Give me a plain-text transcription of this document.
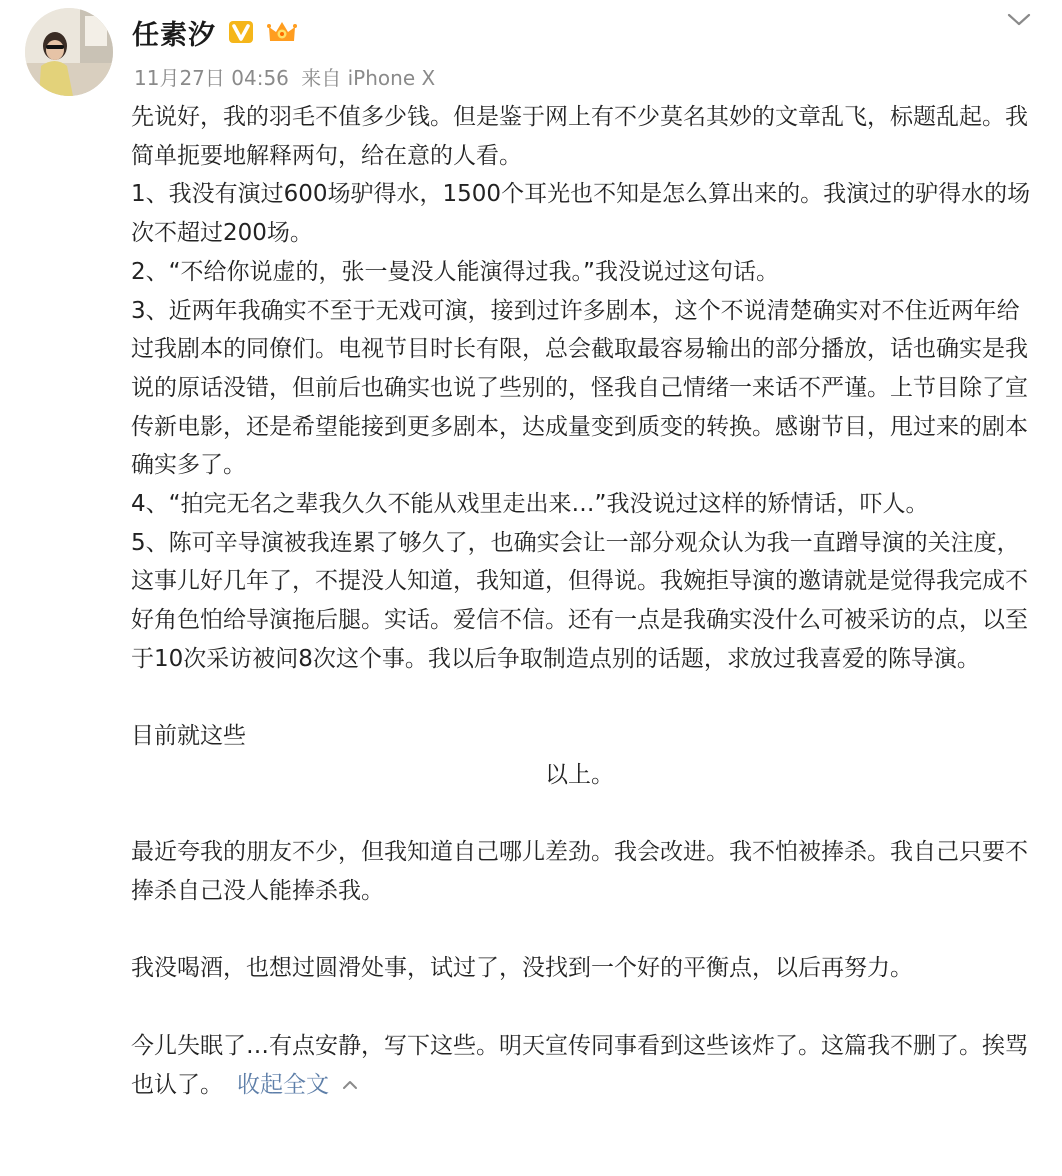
任素汐
11月27日 04:56 来自 iPhone X

先说好，我的羽毛不值多少钱。但是鉴于网上有不少莫名其妙的文章乱飞，标题乱起。我简单扼要地解释两句，给在意的人看。

1、我没有演过600场驴得水，1500个耳光也不知是怎么算出来的。我演过的驴得水的场次不超过200场。

2、“不给你说虚的，张一曼没人能演得过我。”我没说过这句话。

3、近两年我确实不至于无戏可演，接到过许多剧本，这个不说清楚确实对不住近两年给过我剧本的同僚们。电视节目时长有限，总会截取最容易输出的部分播放，话也确实是我说的原话没错，但前后也确实也说了些别的，怪我自己情绪一来话不严谨。上节目除了宣传新电影，还是希望能接到更多剧本，达成量变到质变的转换。感谢节目，甩过来的剧本确实多了。

4、“拍完无名之辈我久久不能从戏里走出来…”我没说过这样的矫情话，吓人。

5、陈可辛导演被我连累了够久了，也确实会让一部分观众认为我一直蹭导演的关注度，这事儿好几年了，不提没人知道，我知道，但得说。我婉拒导演的邀请就是觉得我完成不好角色怕给导演拖后腿。实话。爱信不信。还有一点是我确实没什么可被采访的点，以至于10次采访被问8次这个事。我以后争取制造点别的话题，求放过我喜爱的陈导演。

目前就这些

以上。

最近夸我的朋友不少，但我知道自己哪儿差劲。我会改进。我不怕被捧杀。我自己只要不捧杀自己没人能捧杀我。

我没喝酒，也想过圆滑处事，试过了，没找到一个好的平衡点，以后再努力。

今儿失眠了…有点安静，写下这些。明天宣传同事看到这些该炸了。这篇我不删了。挨骂也认了。 收起全文
